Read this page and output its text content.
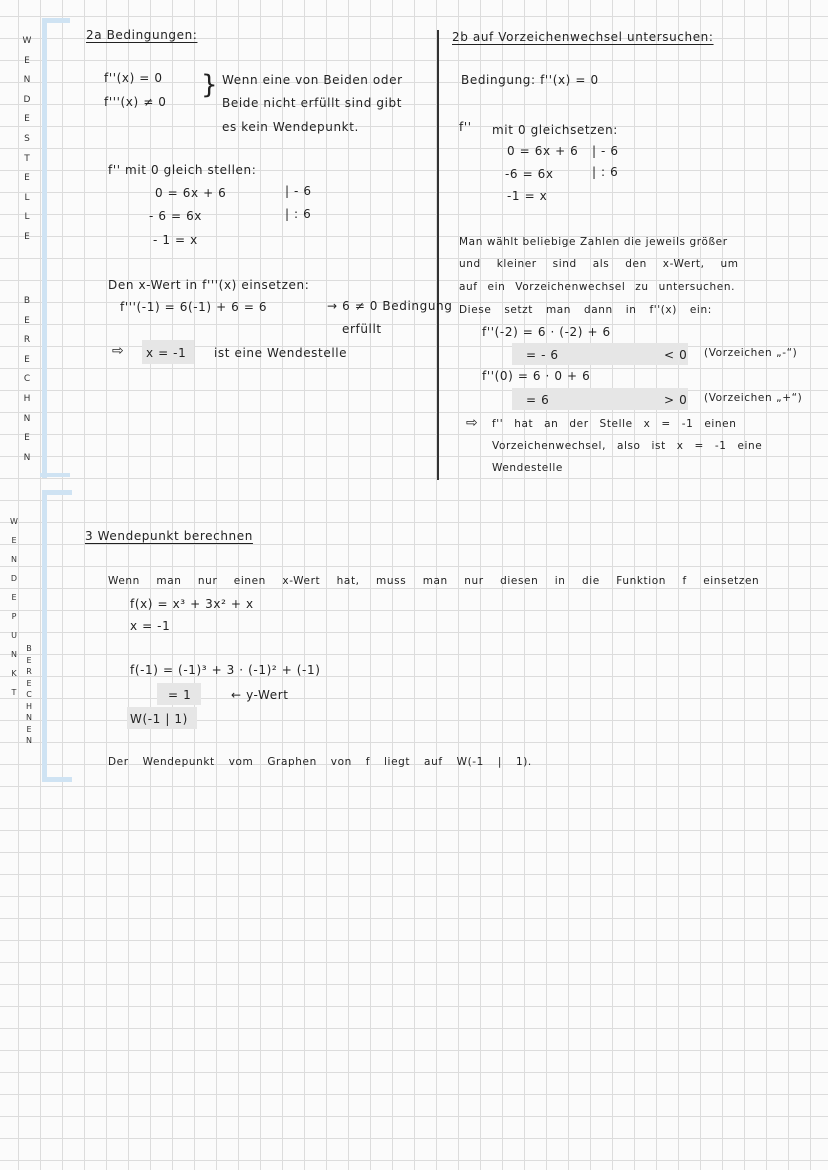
W
E
N
D
E
S
T
E
L
L
E
B
E
R
E
C
H
N
E
N
W
E
N
D
E
P
U
N
K
T
B
E
R
E
C
H
N
E
N
2a Bedingungen:
f''(x) = 0
f'''(x) ≠ 0
} Wenn eine von Beiden oder
Beide nicht erfüllt sind gibt
es kein Wendepunkt.
f'' mit 0 gleich stellen:
0 = 6x + 6	| - 6
- 6 = 6x	| : 6
- 1 = x
Den x-Wert in f'''(x) einsetzen:
f'''(-1) = 6(-1) + 6 = 6	→ 6 ≠ 0 Bedingung
erfüllt
⇨ x = -1 ist eine Wendestelle
2b auf Vorzeichenwechsel untersuchen:
Bedingung: f''(x) = 0
f'' mit 0 gleichsetzen:
0 = 6x + 6 | - 6
-6 = 6x	| : 6
-1 = x
Man wählt beliebige Zahlen die jeweils größer
und kleiner sind als den x-Wert, um
auf ein Vorzeichenwechsel zu untersuchen.
Diese setzt man dann in f''(x) ein:
f''(-2) = 6 · (-2) + 6
= - 6	< 0 (Vorzeichen „-“)
f''(0) = 6 · 0 + 6
= 6	> 0 (Vorzeichen „+“)
⇨ f'' hat an der Stelle x = -1 einen
Vorzeichenwechsel, also ist x = -1 eine
Wendestelle
3 Wendepunkt berechnen
Wenn man nur einen x-Wert hat, muss man nur diesen in die Funktion f einsetzen
f(x) = x³ + 3x² + x
x = -1
f(-1) = (-1)³ + 3 · (-1)² + (-1)
= 1	← y-Wert
W(-1 | 1)
Der Wendepunkt vom Graphen von f liegt auf W(-1 | 1).
